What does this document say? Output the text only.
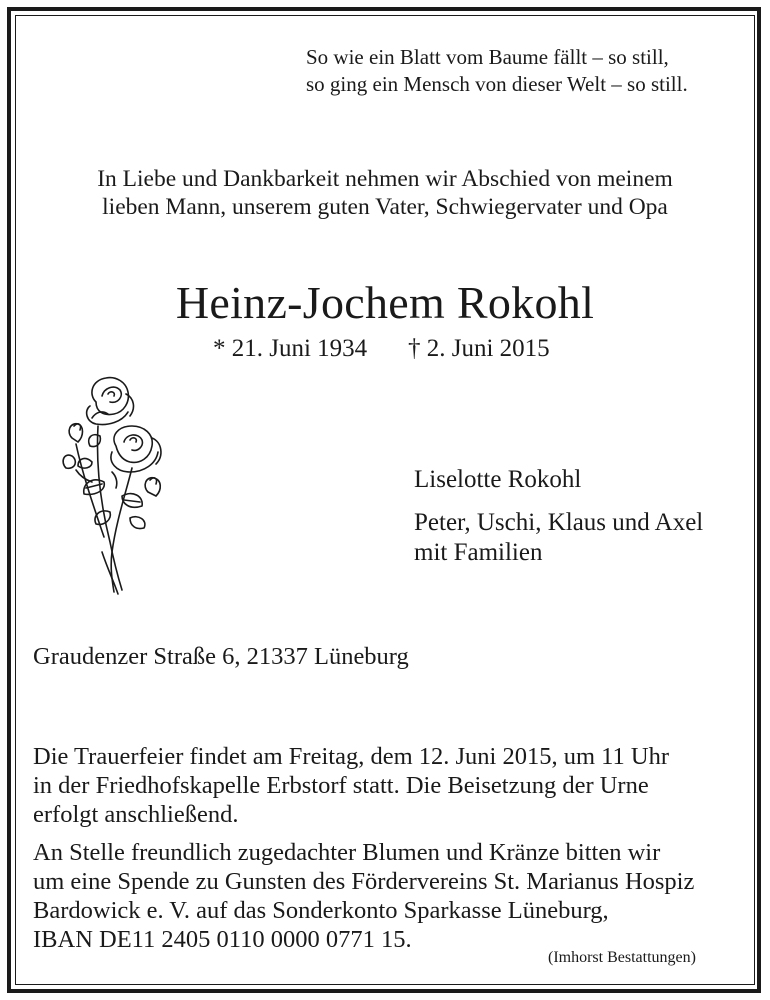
So wie ein Blatt vom Baume fällt – so still,
so ging ein Mensch von dieser Welt – so still.
In Liebe und Dankbarkeit nehmen wir Abschied von meinem
lieben Mann, unserem guten Vater, Schwiegervater und Opa
Heinz-Jochem Rokohl
* 21. Juni 1934 † 2. Juni 2015
Liselotte Rokohl
Peter, Uschi, Klaus und Axel
mit Familien
Graudenzer Straße 6, 21337 Lüneburg
Die Trauerfeier findet am Freitag, dem 12. Juni 2015, um 11 Uhr
in der Friedhofskapelle Erbstorf statt. Die Beisetzung der Urne
erfolgt anschließend.
An Stelle freundlich zugedachter Blumen und Kränze bitten wir
um eine Spende zu Gunsten des Fördervereins St. Marianus Hospiz
Bardowick e. V. auf das Sonderkonto Sparkasse Lüneburg,
IBAN DE11 2405 0110 0000 0771 15.
(Imhorst Bestattungen)
